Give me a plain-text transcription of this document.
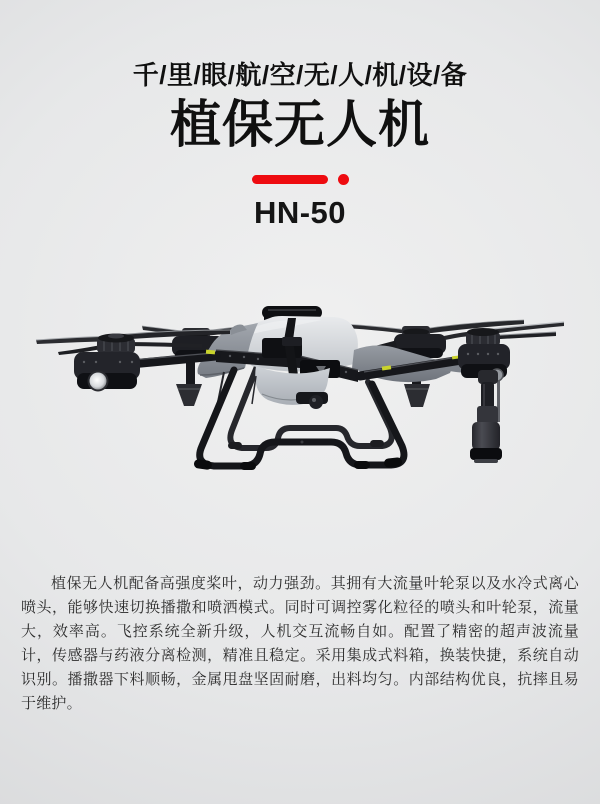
千/里/眼/航/空/无/人/机/设/备
植保无人机
HN-50

植保无人机配备高强度桨叶，动力强劲。其拥有大流量叶轮泵以及水冷式离心喷头，能够快速切换播撒和喷洒模式。同时可调控雾化粒径的喷头和叶轮泵，流量大，效率高。飞控系统全新升级，人机交互流畅自如。配置了精密的超声波流量计，传感器与药液分离检测，精准且稳定。采用集成式料箱，换装快捷，系统自动识别。播撒器下料顺畅，金属甩盘坚固耐磨，出料均匀。内部结构优良，抗摔且易于维护。
